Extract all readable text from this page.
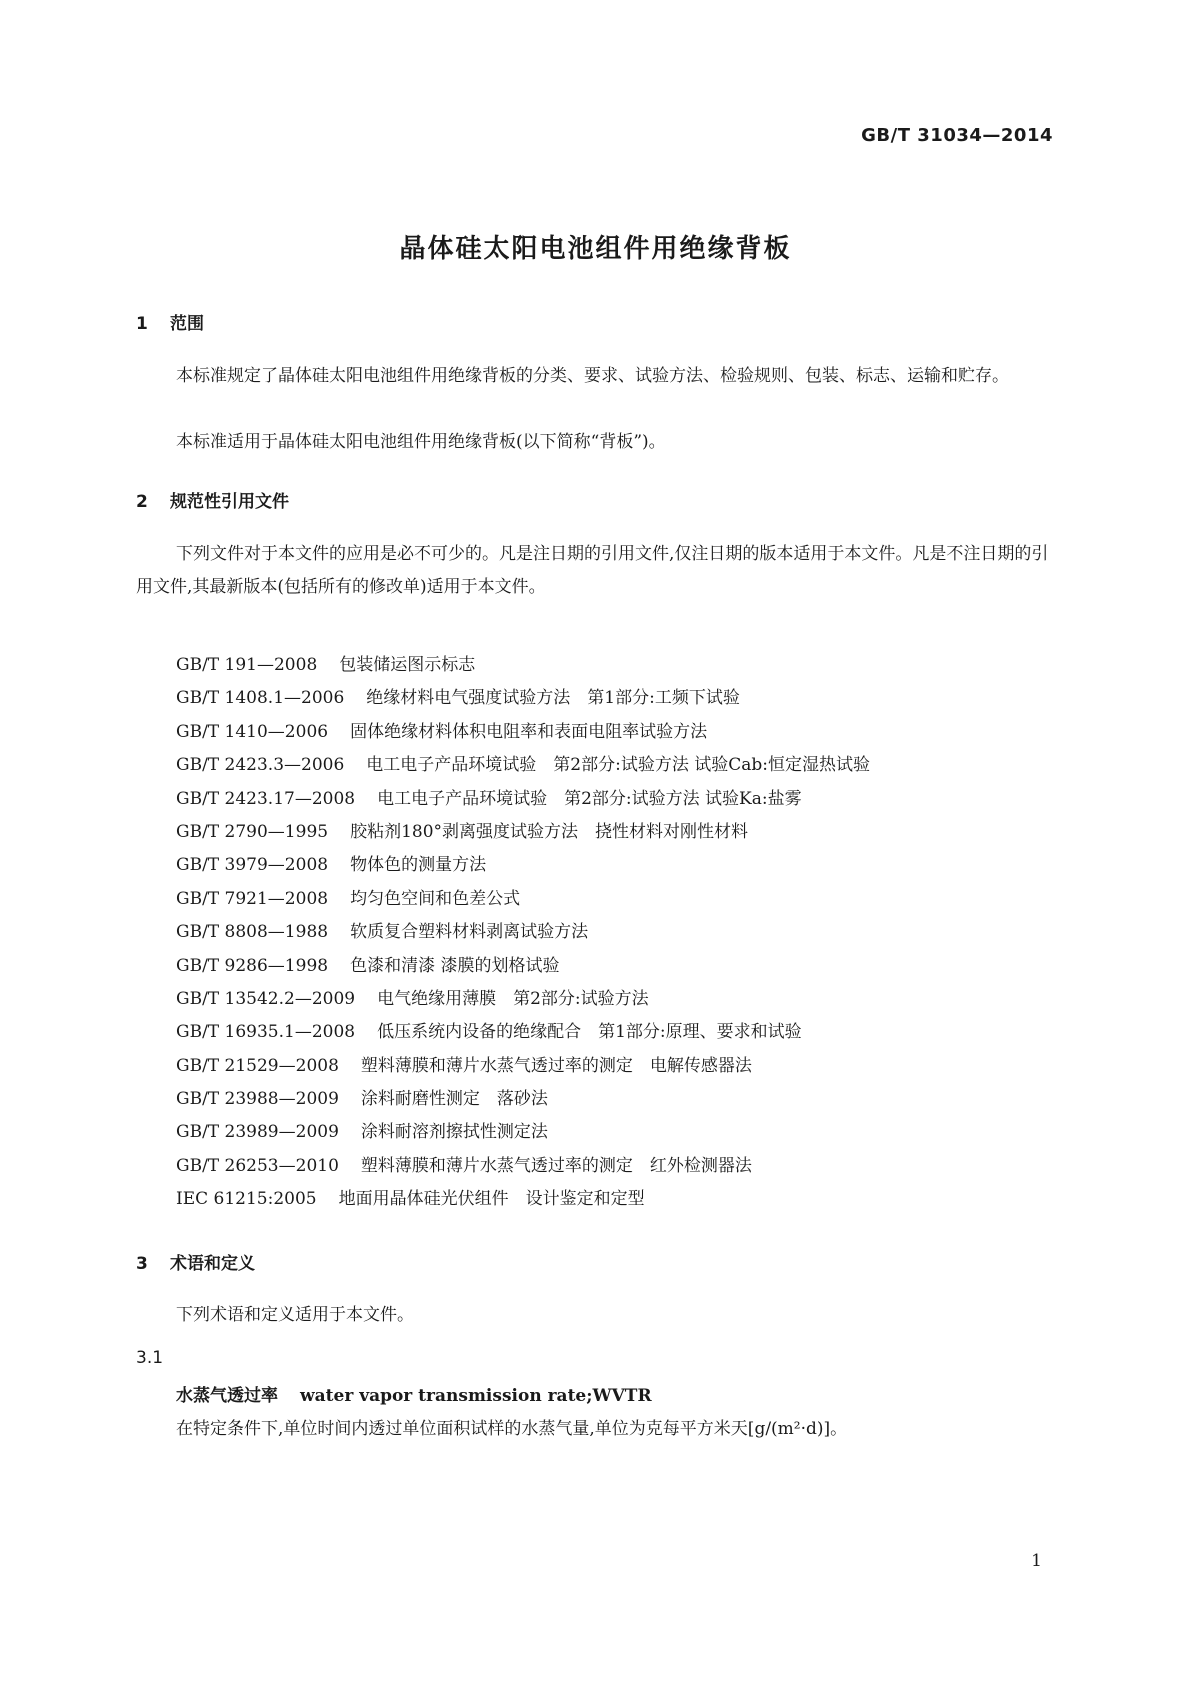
GB/T 31034—2014
晶体硅太阳电池组件用绝缘背板
1 范围
本标准规定了晶体硅太阳电池组件用绝缘背板的分类、要求、试验方法、检验规则、包装、标志、运输和贮存。
本标准适用于晶体硅太阳电池组件用绝缘背板(以下简称“背板”)。
2 规范性引用文件
下列文件对于本文件的应用是必不可少的。凡是注日期的引用文件,仅注日期的版本适用于本文件。凡是不注日期的引用文件,其最新版本(包括所有的修改单)适用于本文件。
GB/T 191—2008 包装储运图示标志
GB/T 1408.1—2006 绝缘材料电气强度试验方法　第1部分:工频下试验
GB/T 1410—2006 固体绝缘材料体积电阻率和表面电阻率试验方法
GB/T 2423.3—2006 电工电子产品环境试验　第2部分:试验方法 试验Cab:恒定湿热试验
GB/T 2423.17—2008 电工电子产品环境试验　第2部分:试验方法 试验Ka:盐雾
GB/T 2790—1995 胶粘剂180°剥离强度试验方法　挠性材料对刚性材料
GB/T 3979—2008 物体色的测量方法
GB/T 7921—2008 均匀色空间和色差公式
GB/T 8808—1988 软质复合塑料材料剥离试验方法
GB/T 9286—1998 色漆和清漆 漆膜的划格试验
GB/T 13542.2—2009 电气绝缘用薄膜　第2部分:试验方法
GB/T 16935.1—2008 低压系统内设备的绝缘配合　第1部分:原理、要求和试验
GB/T 21529—2008 塑料薄膜和薄片水蒸气透过率的测定　电解传感器法
GB/T 23988—2009 涂料耐磨性测定　落砂法
GB/T 23989—2009 涂料耐溶剂擦拭性测定法
GB/T 26253—2010 塑料薄膜和薄片水蒸气透过率的测定　红外检测器法
IEC 61215:2005 地面用晶体硅光伏组件　设计鉴定和定型
3 术语和定义
下列术语和定义适用于本文件。
3.1
水蒸气透过率 water vapor transmission rate;WVTR
在特定条件下,单位时间内透过单位面积试样的水蒸气量,单位为克每平方米天[g/(m²·d)]。
1
